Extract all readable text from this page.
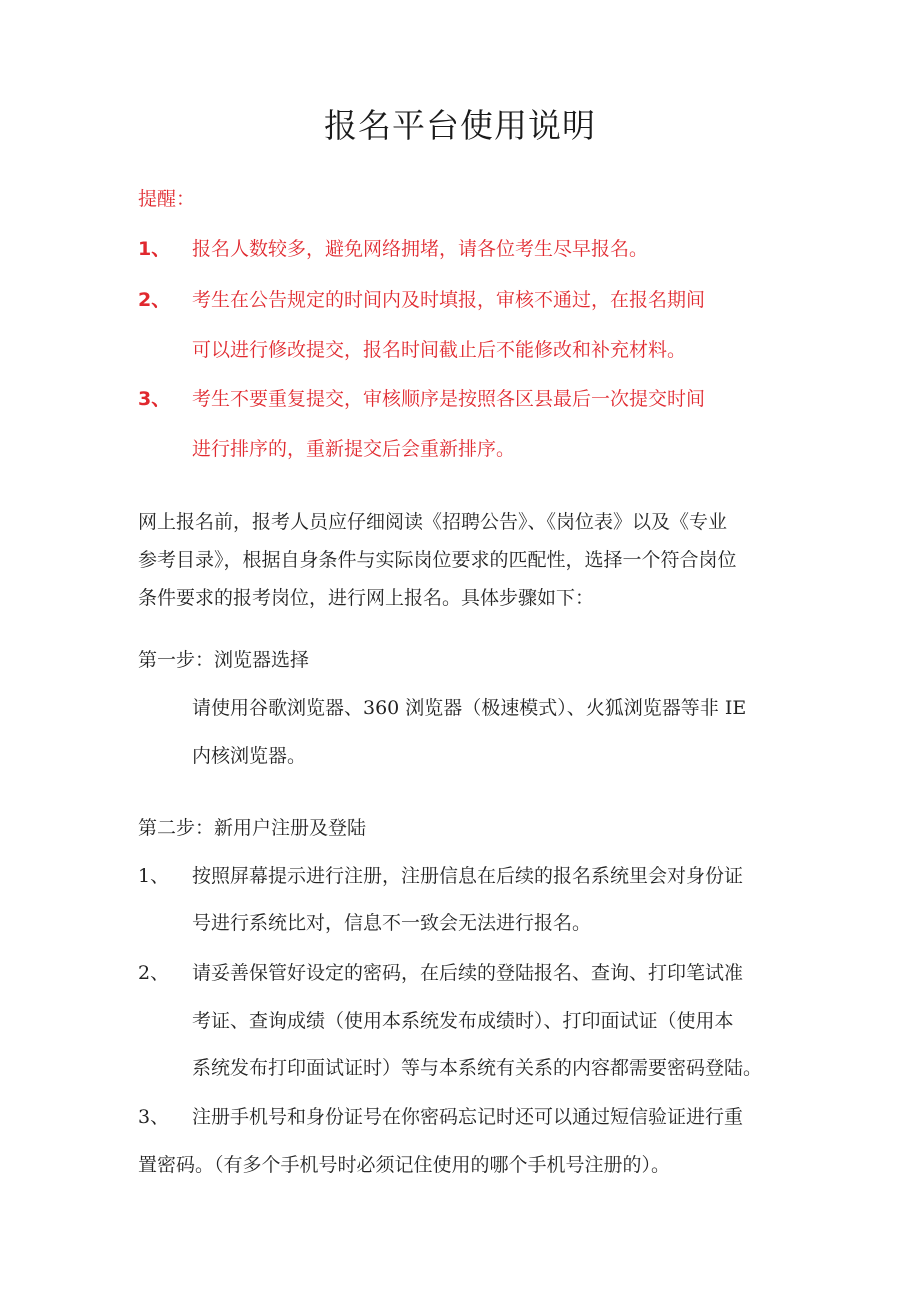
报名平台使用说明
提醒：
1、 报名人数较多，避免网络拥堵，请各位考生尽早报名。
2、 考生在公告规定的时间内及时填报，审核不通过，在报名期间
可以进行修改提交，报名时间截止后不能修改和补充材料。
3、 考生不要重复提交，审核顺序是按照各区县最后一次提交时间
进行排序的，重新提交后会重新排序。
网上报名前，报考人员应仔细阅读《招聘公告》、《岗位表》以及《专业
参考目录》，根据自身条件与实际岗位要求的匹配性，选择一个符合岗位
条件要求的报考岗位，进行网上报名。具体步骤如下：
第一步：浏览器选择
请使用谷歌浏览器、360 浏览器（极速模式）、火狐浏览器等非 IE
内核浏览器。
第二步：新用户注册及登陆
1、 按照屏幕提示进行注册，注册信息在后续的报名系统里会对身份证
号进行系统比对，信息不一致会无法进行报名。
2、 请妥善保管好设定的密码，在后续的登陆报名、查询、打印笔试准
考证、查询成绩（使用本系统发布成绩时）、打印面试证（使用本
系统发布打印面试证时）等与本系统有关系的内容都需要密码登陆。
3、 注册手机号和身份证号在你密码忘记时还可以通过短信验证进行重
置密码。（有多个手机号时必须记住使用的哪个手机号注册的）。
